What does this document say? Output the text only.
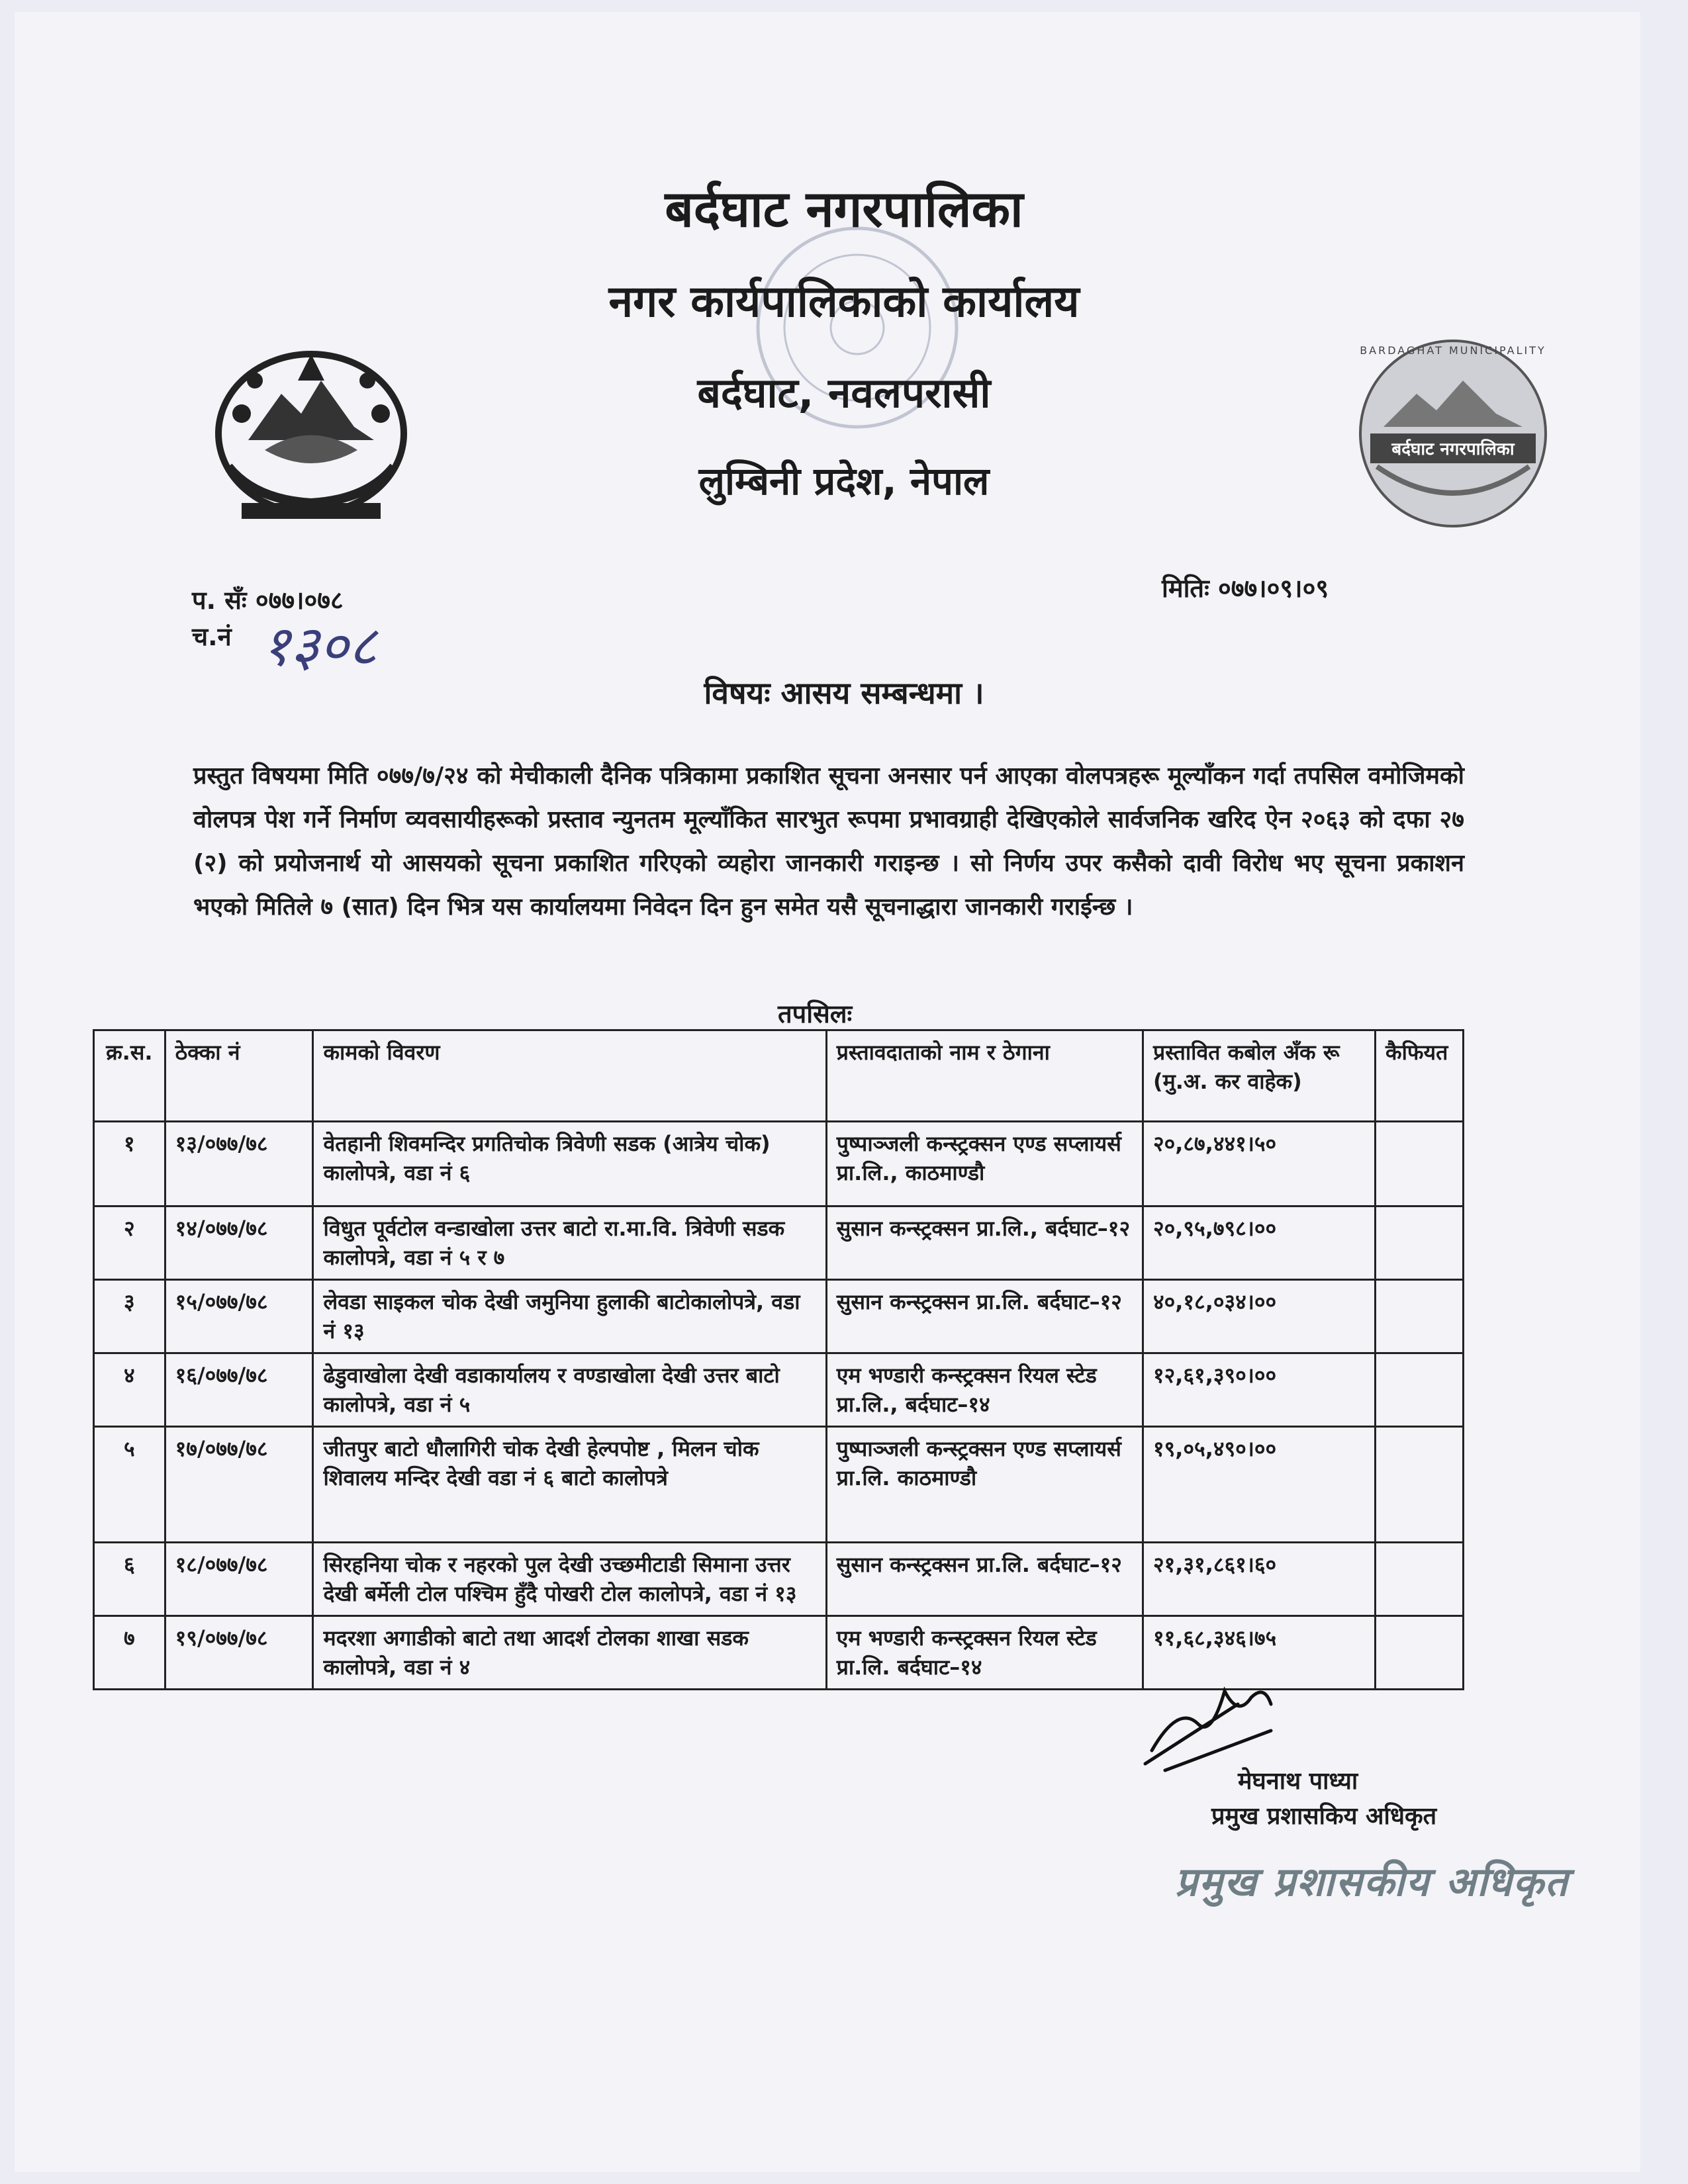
बर्दघाट नगरपालिका
BARDAGHAT MUNICIPALITY
बर्दघाट नगरपालिका
नगर कार्यपालिकाको कार्यालय
बर्दघाट, नवलपरासी
लुम्बिनी प्रदेश, नेपाल
प. सँः ०७७।०७८
च.नं १३०८
मितिः ०७७।०९।०९
विषयः आसय सम्बन्धमा ।
प्रस्तुत विषयमा मिति ०७७/७/२४ को मेचीकाली दैनिक पत्रिकामा प्रकाशित सूचना अनसार पर्न आएका वोलपत्रहरू मूल्याँकन गर्दा तपसिल वमोजिमको वोलपत्र पेश गर्ने निर्माण व्यवसायीहरूको प्रस्ताव न्युनतम मूल्याँकित सारभुत रूपमा प्रभावग्राही देखिएकोले सार्वजनिक खरिद ऐन २०६३ को दफा २७ (२) को प्रयोजनार्थ यो आसयको सूचना प्रकाशित गरिएको व्यहोरा जानकारी गराइन्छ । सो निर्णय उपर कसैको दावी विरोध भए सूचना प्रकाशन भएको मितिले ७ (सात) दिन भित्र यस कार्यालयमा निवेदन दिन हुन समेत यसै सूचनाद्धारा जानकारी गराईन्छ ।
तपसिलः
क्र.स.	ठेक्का नं	कामको विवरण	प्रस्तावदाताको नाम र ठेगाना	प्रस्तावित कबोल अँक रू (मु.अ. कर वाहेक)	कैफियत
१	१३/०७७/७८	वेतहानी शिवमन्दिर प्रगतिचोक त्रिवेणी सडक (आत्रेय चोक) कालोपत्रे, वडा नं ६	पुष्पाञ्जली कन्स्ट्रक्सन एण्ड सप्लायर्स प्रा.लि., काठमाण्डौ	२०,८७,४४१।५०	
२	१४/०७७/७८	विधुत पूर्वटोल वन्डाखोला उत्तर बाटो रा.मा.वि. त्रिवेणी सडक कालोपत्रे, वडा नं ५ र ७	सुसान कन्स्ट्रक्सन प्रा.लि., बर्दघाट–१२	२०,९५,७९८।००	
३	१५/०७७/७८	लेवडा साइकल चोक देखी जमुनिया हुलाकी बाटोकालोपत्रे, वडा नं १३	सुसान कन्स्ट्रक्सन प्रा.लि. बर्दघाट–१२	४०,१८,०३४।००	
४	१६/०७७/७८	ढेडुवाखोला देखी वडाकार्यालय र वण्डाखोला देखी उत्तर बाटो कालोपत्रे, वडा नं ५	एम भण्डारी कन्स्ट्रक्सन रियल स्टेड प्रा.लि., बर्दघाट–१४	१२,६१,३९०।००	
५	१७/०७७/७८	जीतपुर बाटो धौलागिरी चोक देखी हेल्पपोष्ट , मिलन चोक शिवालय मन्दिर देखी वडा नं ६ बाटो कालोपत्रे	पुष्पाञ्जली कन्स्ट्रक्सन एण्ड सप्लायर्स प्रा.लि. काठमाण्डौ	१९,०५,४९०।००	
६	१८/०७७/७८	सिरहनिया चोक र नहरको पुल देखी उच्छमीटाडी सिमाना उत्तर देखी बर्मेली टोल पश्चिम हुँदै पोखरी टोल कालोपत्रे, वडा नं १३	सुसान कन्स्ट्रक्सन प्रा.लि. बर्दघाट–१२	२१,३१,८६१।६०	
७	१९/०७७/७८	मदरशा अगाडीको बाटो तथा आदर्श टोलका शाखा सडक कालोपत्रे, वडा नं ४	एम भण्डारी कन्स्ट्रक्सन रियल स्टेड प्रा.लि. बर्दघाट–१४	११,६८,३४६।७५	
मेघनाथ पाध्या
प्रमुख प्रशासकिय अधिकृत
प्रमुख प्रशासकीय अधिकृत
